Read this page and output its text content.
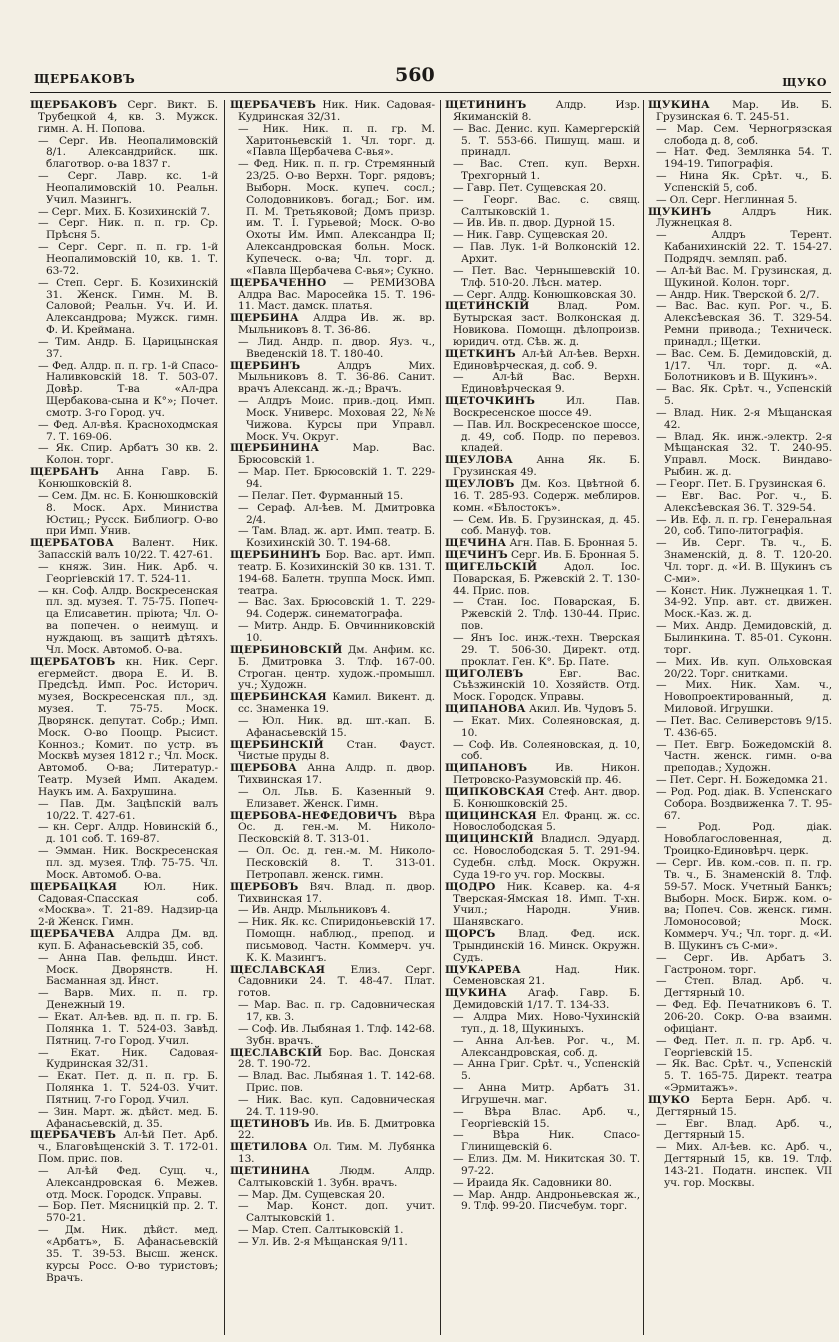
ЩЕРБАКОВЪ	560	ЩУКО

ЩЕРБАКОВЪ Серг. Викт. Б. Трубецкой 4, кв. 3. Мужск. гимн. А. Н. Попова.

— Серг. Ив. Неопалимовскій 8/1. Александрийск. шк. благотвор. о-ва 1837 г.

— Серг. Лавр. кс. 1-й Неопалимовскій 10. Реальн. Учил. Мазингъ.

— Серг. Мих. Б. Козихинскій 7.

— Серг. Ник. п. п. гр. Ср. Прѣсня 5.

— Серг. Серг. п. п. гр. 1-й Неопалимовскій 10, кв. 1. Т. 63-72.

— Степ. Серг. Б. Козихинскій 31. Женск. Гимн. М. В. Саловой; Реальн. Уч. И. И. Александрова; Мужск. гимн. Ф. И. Креймана.

— Тим. Андр. Б. Царицынская 37.

— Фед. Алдр. п. п. гр. 1-й Спасо-Наливковскій 18. Т. 503-07. Довѣр. Т-ва «Ал-дра Щербакова-сына и К°»; Почет. смотр. 3-го Город. уч.

— Фед. Ал-вѣя. Красноходмская 7. Т. 169-06.

— Як. Спир. Арбатъ 30 кв. 2. Колон. торг.

ЩЕРБАНЪ Анна Гавр. Б. Конюшковскій 8.

— Сем. Дм. нс. Б. Конюшковскій 8. Моск. Арх. Министва Юстиц.; Русск. Библиогр. О-во при Имп. Унив.

ЩЕРБАТОВА Валент. Ник. Запасскій валъ 10/22. Т. 427-61.

— княж. Зин. Ник. Арб. ч. Георгіевскій 17. Т. 524-11.

— кн. Соф. Алдр. Воскресенская пл. зд. музея. Т. 75-75. Попеч-ца Елисаветин. пріюта; Чл. О-ва попечен. о неимущ. и нуждающ. въ защитѣ дѣтяхъ. Чл. Моск. Автомоб. О-ва.

ЩЕРБАТОВЪ кн. Ник. Серг. егермейст. двора Е. И. В. Предсѣд. Имп. Рос. Историч. музея, Воскресенская пл., зд. музея. Т. 75-75. Моск. Дворянск. депутат. Собр.; Имп. Моск. О-во Поощр. Рысист. Конноз.; Комит. по устр. въ Москвѣ музея 1812 г.; Чл. Моск. Автомоб. О-ва; Литератур.-Театр. Музей Имп. Академ. Наукъ им. А. Бахрушина.

— Пав. Дм. Зацѣпскій валъ 10/22. Т. 427-61.

— кн. Серг. Алдр. Новинскій б., д. 101 соб. Т. 169-87.

— Эмман. Ник. Воскресенская пл. зд. музея. Тлф. 75-75. Чл. Моск. Автомоб. О-ва.

ЩЕРБАЦКАЯ Юл. Ник. Садовая-Спасская соб. «Москва». Т. 21-89. Надзир-ца 2-й Женск. Гимн.

ЩЕРБАЧЕВА Алдра Дм. вд. куп. Б. Афанасьевскій 35, соб.

— Анна Пав. фельдш. Инст. Моск. Дворянств. Н. Басманная зд. Инст.

— Варв. Мих. п. п. гр. Денежный 19.

— Екат. Ал-ѣев. вд. п. п. гр. Б. Полянка 1. Т. 524-03. Завѣд. Пятниц. 7-го Город. Учил.

— Екат. Ник. Садовая-Кудринская 32/31.

— Екат. Пет. д. п. п. гр. Б. Полянка 1. Т. 524-03. Учит. Пятниц. 7-го Город. Учил.

— Зин. Март. ж. дѣйст. мед. Б. Афанасьевскій, д. 35.

ЩЕРБАЧЕВЪ Ал-ѣй Пет. Арб. ч., Благовѣщенскій 3. Т. 172-01. Пом. прис. пов.

— Ал-ѣй Фед. Сущ. ч., Александровская 6. Межев. отд. Моск. Городск. Управы.

— Бор. Пет. Мясницкій пр. 2. Т. 570-21.

— Дм. Ник. дѣйст. мед. «Арбатъ», Б. Афанасьевскій 35. Т. 39-53. Высш. женск. курсы Росс. О-во туристовъ; Врачъ.

ЩЕРБАЧЕВЪ Ник. Ник. Садовая-Кудринская 32/31.

— Ник. Ник. п. п. гр. М. Харитоньевскій 1. Чл. торг. д. «Павла Щербачева С-вья».

— Фед. Ник. п. п. гр. Стремянный 23/25. О-во Верхн. Торг. рядовъ; Выборн. Моск. купеч. сосл.; Солодовниковъ. богад.; Бог. им. П. М. Третьяковой; Домъ призр. им. Т. І. Гурьевой; Моск. О-во Охоты Им. Имп. Александра II; Александровская больн. Моск. Купеческ. о-ва; Чл. торг. д. «Павла Щербачева С-вья»; Сукно.

ЩЕРБАЧЕННО — РЕМИЗОВА Алдра Вас. Маросейка 15. Т. 196-11. Маст. дамск. платья.

ЩЕРБИНА Алдра Ив. ж. вр. Мыльниковъ 8. Т. 36-86.

— Лид. Андр. п. двор. Яуз. ч., Введенскій 18. Т. 180-40.

ЩЕРБИНЪ	Алдръ Мих. Мыльниковъ 8. Т. 36-86. Санит. врачъ Александ. ж.-д.; Врачъ.

— Алдръ Моис. прив.-доц. Имп. Моск. Универс. Моховая 22, №№ Чижова. Курсы при Управл. Моск. Уч. Округ.

ЩЕРБИНИНА	Мар. Вас. Брюсовскій 1.

— Мар. Пет. Брюсовскій 1. Т. 229-94.

— Пелаг. Пет. Фурманный 15.

— Сераф. Ал-ѣев. М. Дмитровка 2/4.

— Там. Влад. ж. арт. Имп. театр. Б. Козихинскій 30. Т. 194-68.

ЩЕРБИНИНЪ Бор. Вас. арт. Имп. театр. Б. Козихинскій 30 кв. 131. Т. 194-68. Балетн. труппа Моск. Имп. театра.

— Вас. Зах. Брюсовскій 1. Т. 229-94. Содерж. синематографа.

— Митр. Андр. Б. Овчинниковскій 10.

ЩЕРБИНОВСКІЙ Дм. Анфим. кс. Б. Дмитровка 3. Тлф. 167-00. Строган. центр. худож.-промышл. уч.; Художн.

ЩЕРБИНСКАЯ Камил. Викент. д. сс. Знаменка 19.

— Юл. Ник. вд. шт.-кап. Б. Афанасьевскій 15.

ЩЕРБИНСКІЙ Стан. Фауст. Чистые пруды 8.

ЩЕРБОВА Анна Алдр. п. двор. Тихвинская 17.

— Ол. Льв. Б. Казенный 9. Елизавет. Женск. Гимн.

ЩЕРБОВА-НЕФЕДОВИЧЪ Вѣра Ос. д. ген.-м. М. Николо-Песковскій 8. Т. 313-01.

— Ол. Ос. д. ген.-м. М. Николо-Песковскій 8. Т. 313-01. Петропавл. женск. гимн.

ЩЕРБОВЪ Вяч. Влад. п. двор. Тихвинская 17.

— Ив. Андр. Мыльниковъ 4.

— Ник. Як. кс. Спиридоньевскій 17. Помощн. наблюд., препод. и письмовод. Частн. Коммерч. уч. К. К. Мазингъ.

ЩЕСЛАВСКАЯ Елиз. Серг. Садовники 24. Т. 48-47. Плат. готов.

— Мар. Вас. п. гр. Садовническая 17, кв. 3.

— Соф. Ив. Лыбяная 1. Тлф. 142-68. Зубн. врачъ.

ЩЕСЛАВСКІЙ Бор. Вас. Донская 28. Т. 190-72.

— Влад. Вас. Лыбяная 1. Т. 142-68. Прис. пов.

— Ник. Вас. куп. Садовническая 24. Т. 119-90.

ЩЕТИНОВЪ Ив. Ив. Б. Дмитровка 22.

ЩЕТИЛОВА Ол. Тим. М. Лубянка 13.

ЩЕТИНИНА	Людм. Алдр. Салтыковскій 1. Зубн. врачъ.

— Мар. Дм. Сущевская 20.

— Мар. Конст. доп. учит. Салтыковскій 1.

— Мар. Степ. Салтыковскій 1.

— Ул. Ив. 2-я Мѣщанская 9/11.

ЩЕТИНИНЪ	Алдр. Изр. Якиманскій 8.

— Вас. Денис. куп. Камергерскій 5. Т. 553-66. Пишущ. маш. и принадл.

— Вас. Степ. куп. Верхн. Трехгорный 1.

— Гавр. Пет. Сущевская 20.

— Георг. Вас. с. свящ. Салтыковскій 1.

— Ив. Ив. п. двор. Дурной 15.

— Ник. Гавр. Сущевская 20.

— Пав. Лук. 1-й Волконскій 12. Архит.

— Пет. Вас. Чернышевскій 10. Тлф. 510-20. Лѣсн. матер.

— Серг. Алдр. Конюшковская 30.

ЩЕТИНСКІЙ	Влад. Ром. Бутырская заст. Волконская д. Новикова. Помощн. дѣлопроизв. юридич. отд. Сѣв. ж. д.

ЩЕТКИНЪ Ал-ѣй Ал-ѣев. Верхн. Единовѣрческая, д. соб. 9.

— Ал-ѣй Вас. Верхн. Единовѣрческая 9.

ЩЕТОЧКИНЪ	Ил. Пав. Воскресенское шоссе 49.

— Пав. Ил. Воскресенское шоссе, д. 49, соб. Подр. по перевоз. кладей.

ЩЕУЛОВА Анна Як. Б. Грузинская 49.

ЩЕУЛОВЪ Дм. Коз. Цвѣтной б. 16. Т. 285-93. Содерж. меблиров. комн. «Бѣлостокъ».

— Сем. Ив. Б. Грузинская, д. 45. соб. Мануф. тов.

ЩЕЧИНА Агн. Пав. Б. Бронная 5.

ЩЕЧИНЪ Серг. Ив. Б. Бронная 5.

ЩИГЕЛЬСКІЙ	Адол. Іос. Поварская, Б. Ржевскій 2. Т. 130-44. Прис. пов.

— Стан. Іос. Поварская, Б. Ржевскій 2. Тлф. 130-44. Прис. пов.

— Янъ Іос. инж.-техн. Тверская 29. Т. 506-30. Директ. отд. проклат. Ген. К°. Бр. Пате.

ЩИГОЛЕВЪ	Евг. Вас. Съѣзжинскій 10. Хозяйств. Отд. Моск. Городск. Управы.

ЩИПАНОВА Акил. Ив. Чудовъ 5.

— Екат. Мих. Солеяновская, д. 10.

— Соф. Ив. Солеяновская, д. 10, соб.

ЩИПАНОВЪ	Ив. Никон. Петровско-Разумовскій пр. 46.

ЩИПКОВСКАЯ Стеф. Ант. двор. Б. Конюшковскій 25.

ЩИЦИНСКАЯ Ел. Франц. ж. сс. Новослободская 5.

ЩИЦИНСКІЙ Владисл. Эдуард. сс. Новослободская 5. Т. 291-94. Судебн. слѣд. Моск. Окружн. Суда 19-го уч. гор. Москвы.

ЩОДРО Ник. Ксавер. ка. 4-я Тверская-Ямская 18. Имп. Т-хн. Учил.; Народн. Унив. Шанявскаго.

ЩОРСЪ Влад. Фед. иск. Трындинскій 16. Минск. Окружн. Судъ.

ЩУКАРЕВА	Над. Ник. Семеновская 21.

ЩУКИНА Агаф. Гавр. Б. Демидовскій 1/17. Т. 134-33.

— Алдра Мих. Ново-Чухинскій туп., д. 18, Щукиныхъ.

— Анна Ал-ѣев. Рог. ч., М. Александровская, соб. д.

— Анна Григ. Срѣт. ч., Успенскій 5.

— Анна Митр. Арбатъ 31. Игрушечн. маг.

— Вѣра Влас. Арб. ч., Георгіевскій 15.

— Вѣра Ник. Спасо-Глинищевскій 6.

— Елиз. Дм. М. Никитская 30. Т. 97-22.

— Ираида Як. Садовники 80.

— Мар. Андр. Андроньевская ж., 9. Тлф. 99-20. Писчебум. торг.

ЩУКИНА Мар. Ив. Б. Грузинская 6. Т. 245-51.

— Мар. Сем. Черногрязская слобода д. 8, соб.

— Нат. Фед. Землянка 54. Т. 194-19. Типографія.

— Нина Як. Срѣт. ч., Б. Успенскій 5, соб.

— Ол. Серг. Неглинная 5.

ЩУКИНЪ	Алдръ Ник. Лужнецкая 8.

— Алдръ Терент. Кабанихинскій 22. Т. 154-27. Подрядч. земляп. раб.

— Ал-ѣй Вас. М. Грузинская, д. Щукиной. Колон. торг.

— Андр. Ник. Тверской б. 2/7.

— Вас. Вас. куп. Рог. ч., Б. Алексѣевская 36. Т. 329-54. Ремни привода.; Техническ. принадл.; Щетки.

— Вас. Сем. Б. Демидовскій, д. 1/17. Чл. торг. д. «А. Болотниковъ и В. Щукинъ».

— Вас. Як. Срѣт. ч., Успенскій 5.

— Влад. Ник. 2-я Мѣщанская 42.

— Влад. Як. инж.-электр. 2-я Мѣщанская 32. Т. 240-95. Управл. Моск. Виндаво-Рыбин. ж. д.

— Георг. Пет. Б. Грузинская 6.

— Евг. Вас. Рог. ч., Б. Алексѣевская 36. Т. 329-54.

— Ив. Еф. л. п. гр. Генеральная 20, соб. Типо-литографія.

— Ив. Серг. Тв. ч., Б. Знаменскій, д. 8. Т. 120-20. Чл. торг. д. «И. В. Щукинъ съ С-ми».

— Конст. Ник. Лужнецкая 1. Т. 34-92. Упр. авт. ст. движен. Моск.-Каз. ж. д.

— Мих. Андр. Демидовскій, д. Былинкина. Т. 85-01. Суконн. торг.

— Мих. Ив. куп. Ольховская 20/22. Торг. снитками.

— Мих. Ник. Хам. ч., Новопроектированный, д. Миловой. Игрушки.

— Пет. Вас. Селиверстовъ 9/15. Т. 436-65.

— Пет. Евгр. Божедомскій 8. Частн. женск. гимн. о-ва преподав.; Художн.

— Пет. Серг. Н. Божедомка 21.

— Род. Род. діак. В. Успенскаго Собора. Воздвиженка 7. Т. 95-67.

— Род. Род. діак. Новоблагословенная, д. Троицко-Единовѣрч. церк.

— Серг. Ив. ком.-сов. п. п. гр. Тв. ч., Б. Знаменскій 8. Тлф. 59-57. Моск. Учетный Банкъ; Выборн. Моск. Бирж. ком. о-ва; Попеч. Сов. женск. гимн. Ломоносовой; Моск. Коммерч. Уч.; Чл. торг. д. «И. В. Щукинъ съ С-ми».

— Серг. Ив. Арбатъ 3. Гастроном. торг.

— Степ. Влад. Арб. ч. Дегтярный 10.

— Фед. Еф. Печатниковъ 6. Т. 206-20. Сокр. О-ва взаимн. офиціант.

— Фед. Пет. л. п. гр. Арб. ч. Георгіевскій 15.

— Як. Вас. Срѣт. ч., Успенскій 5. Т. 165-75. Директ. театра «Эрмитажъ».

ЩУКО Берта Берн. Арб. ч. Дегтярный 15.

— Евг. Влад. Арб. ч., Дегтярный 15.

— Мих. Ал-ѣев. кс. Арб. ч., Дегтярный 15, кв. 19. Тлф. 143-21. Податн. инспек. VII уч. гор. Москвы.
